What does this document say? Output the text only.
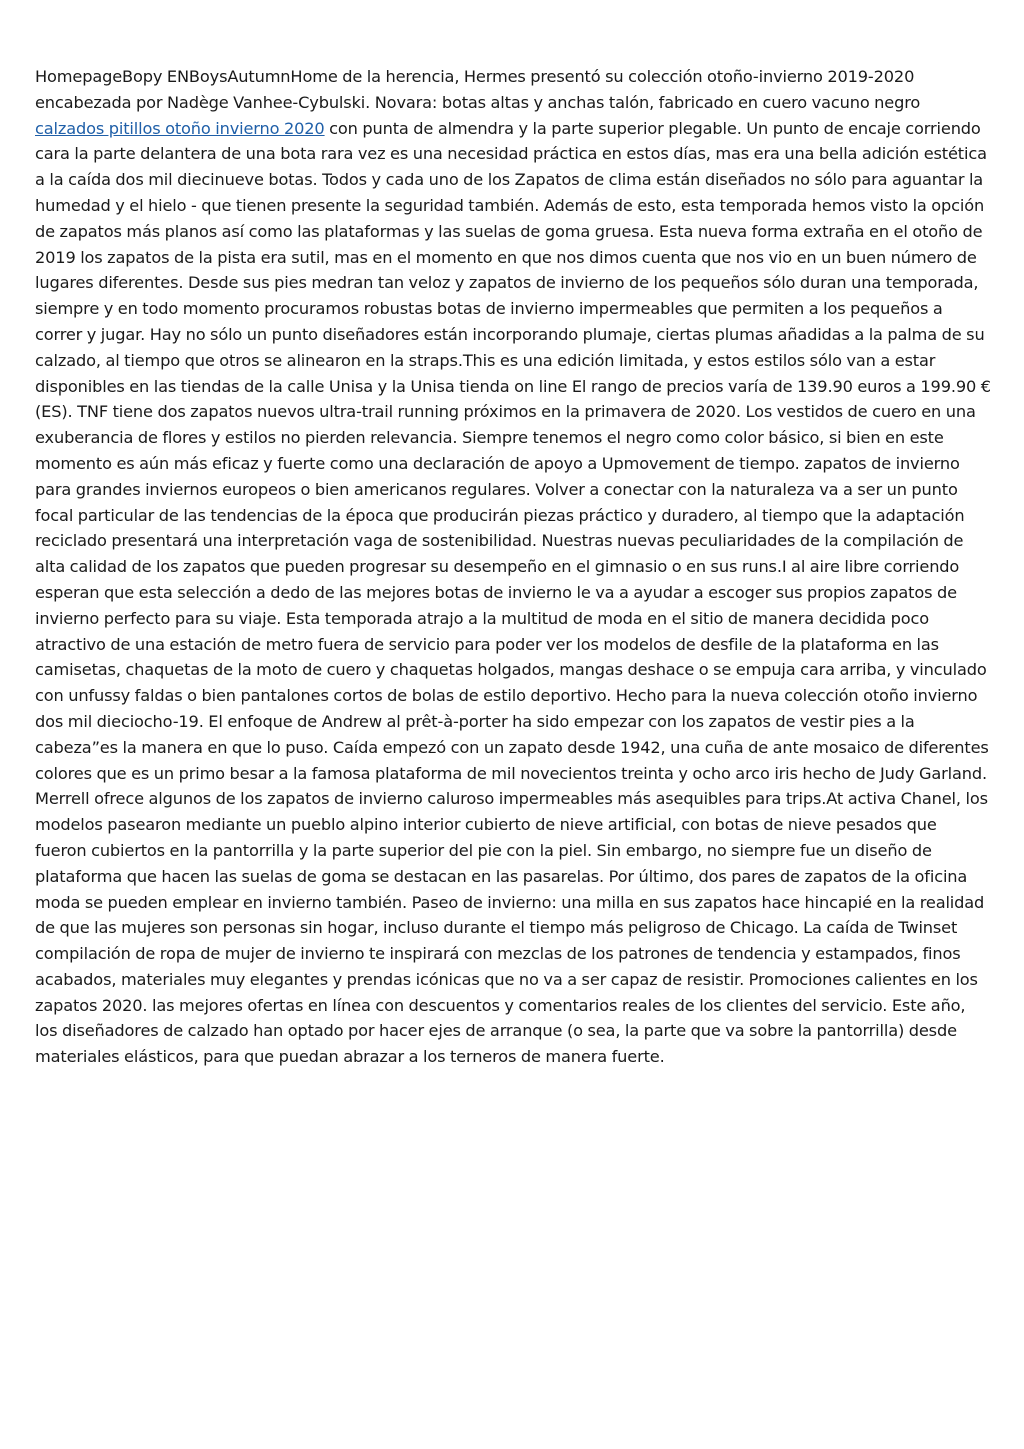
HomepageBopy ENBoysAutumnHome de la herencia, Hermes presentó su colección otoño-invierno 2019-2020 encabezada por Nadège Vanhee-Cybulski. Novara: botas altas y anchas talón, fabricado en cuero vacuno negro calzados pitillos otoño invierno 2020 con punta de almendra y la parte superior plegable. Un punto de encaje corriendo cara la parte delantera de una bota rara vez es una necesidad práctica en estos días, mas era una bella adición estética a la caída dos mil diecinueve botas. Todos y cada uno de los Zapatos de clima están diseñados no sólo para aguantar la humedad y el hielo - que tienen presente la seguridad también. Además de esto, esta temporada hemos visto la opción de zapatos más planos así como las plataformas y las suelas de goma gruesa. Esta nueva forma extraña en el otoño de 2019 los zapatos de la pista era sutil, mas en el momento en que nos dimos cuenta que nos vio en un buen número de lugares diferentes. Desde sus pies medran tan veloz y zapatos de invierno de los pequeños sólo duran una temporada, siempre y en todo momento procuramos robustas botas de invierno impermeables que permiten a los pequeños a correr y jugar. Hay no sólo un punto diseñadores están incorporando plumaje, ciertas plumas añadidas a la palma de su calzado, al tiempo que otros se alinearon en la straps.This es una edición limitada, y estos estilos sólo van a estar disponibles en las tiendas de la calle Unisa y la Unisa tienda on line El rango de precios varía de 139.90 euros a 199.90 € (ES). TNF tiene dos zapatos nuevos ultra-trail running próximos en la primavera de 2020. Los vestidos de cuero en una exuberancia de flores y estilos no pierden relevancia. Siempre tenemos el negro como color básico, si bien en este momento es aún más eficaz y fuerte como una declaración de apoyo a Upmovement de tiempo. zapatos de invierno para grandes inviernos europeos o bien americanos regulares. Volver a conectar con la naturaleza va a ser un punto focal particular de las tendencias de la época que producirán piezas práctico y duradero, al tiempo que la adaptación reciclado presentará una interpretación vaga de sostenibilidad. Nuestras nuevas peculiaridades de la compilación de alta calidad de los zapatos que pueden progresar su desempeño en el gimnasio o en sus runs.I al aire libre corriendo esperan que esta selección a dedo de las mejores botas de invierno le va a ayudar a escoger sus propios zapatos de invierno perfecto para su viaje. Esta temporada atrajo a la multitud de moda en el sitio de manera decidida poco atractivo de una estación de metro fuera de servicio para poder ver los modelos de desfile de la plataforma en las camisetas, chaquetas de la moto de cuero y chaquetas holgados, mangas deshace o se empuja cara arriba, y vinculado con unfussy faldas o bien pantalones cortos de bolas de estilo deportivo. Hecho para la nueva colección otoño invierno dos mil dieciocho-19. El enfoque de Andrew al prêt-à-porter ha sido empezar con los zapatos de vestir pies a la cabeza”es la manera en que lo puso. Caída empezó con un zapato desde 1942, una cuña de ante mosaico de diferentes colores que es un primo besar a la famosa plataforma de mil novecientos treinta y ocho arco iris hecho de Judy Garland. Merrell ofrece algunos de los zapatos de invierno caluroso impermeables más asequibles para trips.At activa Chanel, los modelos pasearon mediante un pueblo alpino interior cubierto de nieve artificial, con botas de nieve pesados que fueron cubiertos en la pantorrilla y la parte superior del pie con la piel. Sin embargo, no siempre fue un diseño de plataforma que hacen las suelas de goma se destacan en las pasarelas. Por último, dos pares de zapatos de la oficina moda se pueden emplear en invierno también. Paseo de invierno: una milla en sus zapatos hace hincapié en la realidad de que las mujeres son personas sin hogar, incluso durante el tiempo más peligroso de Chicago. La caída de Twinset compilación de ropa de mujer de invierno te inspirará con mezclas de los patrones de tendencia y estampados, finos acabados, materiales muy elegantes y prendas icónicas que no va a ser capaz de resistir. Promociones calientes en los zapatos 2020. las mejores ofertas en línea con descuentos y comentarios reales de los clientes del servicio. Este año, los diseñadores de calzado han optado por hacer ejes de arranque (o sea, la parte que va sobre la pantorrilla) desde materiales elásticos, para que puedan abrazar a los terneros de manera fuerte.
